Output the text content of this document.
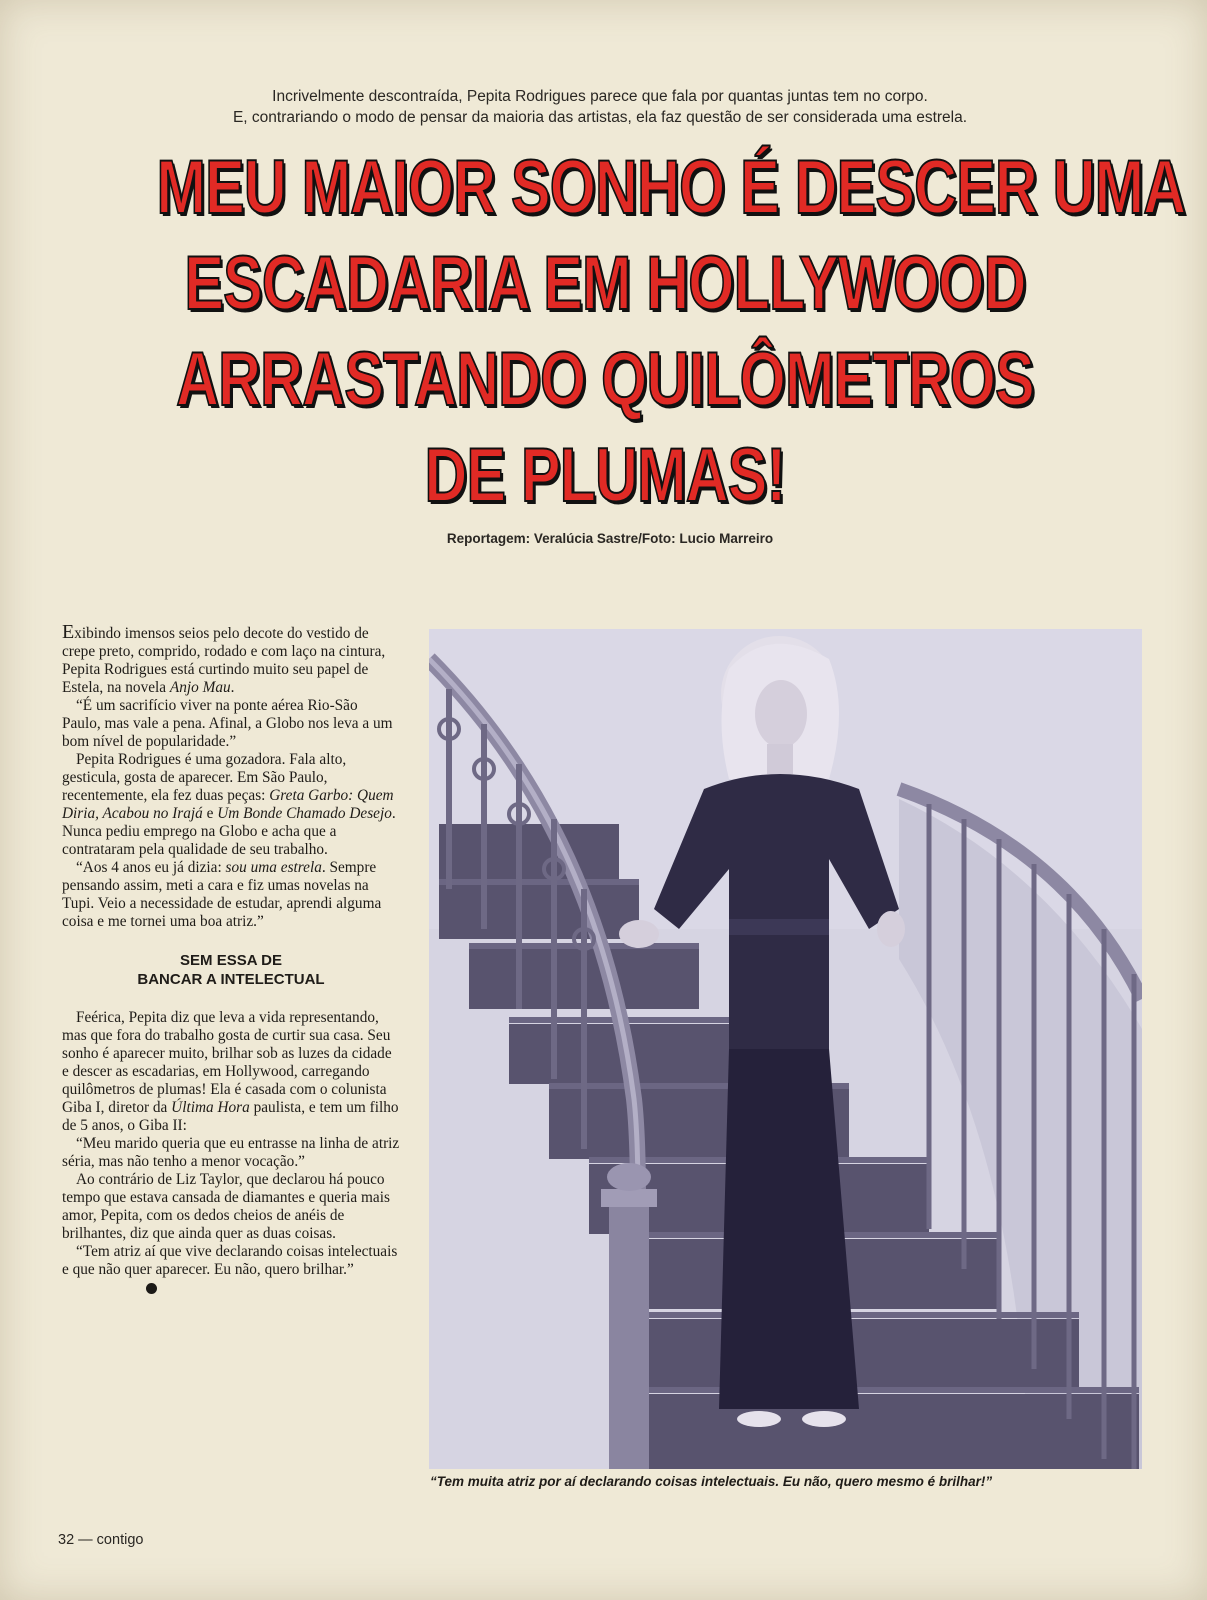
Incrivelmente descontraída, Pepita Rodrigues parece que fala por quantas juntas tem no corpo.

E, contrariando o modo de pensar da maioria das artistas, ela faz questão de ser considerada uma estrela.

MEU MAIOR SONHO É DESCER UMA
ESCADARIA EM HOLLYWOOD
ARRASTANDO QUILÔMETROS
DE PLUMAS!
Reportagem: Veralúcia Sastre/Foto: Lucio Marreiro

Exibindo imensos seios pelo decote do vestido de crepe preto, comprido, rodado e com laço na cintura, Pepita Rodrigues está curtindo muito seu papel de Estela, na novela Anjo Mau.

“É um sacrifício viver na ponte aérea Rio-São Paulo, mas vale a pena. Afinal, a Globo nos leva a um bom nível de popularidade.”

Pepita Rodrigues é uma gozadora. Fala alto, gesticula, gosta de aparecer. Em São Paulo, recentemente, ela fez duas peças: Greta Garbo: Quem Diria, Acabou no Irajá e Um Bonde Chamado Desejo. Nunca pediu emprego na Globo e acha que a contrataram pela qualidade de seu trabalho.

“Aos 4 anos eu já dizia: sou uma estrela. Sempre pensando assim, meti a cara e fiz umas novelas na Tupi. Veio a necessidade de estudar, aprendi alguma coisa e me tornei uma boa atriz.”

SEM ESSA DE
BANCAR A INTELECTUAL

Feérica, Pepita diz que leva a vida representando, mas que fora do trabalho gosta de curtir sua casa. Seu sonho é aparecer muito, brilhar sob as luzes da cidade e descer as escadarias, em Hollywood, carregando quilômetros de plumas! Ela é casada com o colunista Giba I, diretor da Última Hora paulista, e tem um filho de 5 anos, o Giba II:

“Meu marido queria que eu entrasse na linha de atriz séria, mas não tenho a menor vocação.”

Ao contrário de Liz Taylor, que declarou há pouco tempo que estava cansada de diamantes e queria mais amor, Pepita, com os dedos cheios de anéis de brilhantes, diz que ainda quer as duas coisas.

“Tem atriz aí que vive declarando coisas intelectuais e que não quer aparecer. Eu não, quero brilhar.”

“Tem muita atriz por aí declarando coisas intelectuais. Eu não, quero mesmo é brilhar!”
32 — contigo
